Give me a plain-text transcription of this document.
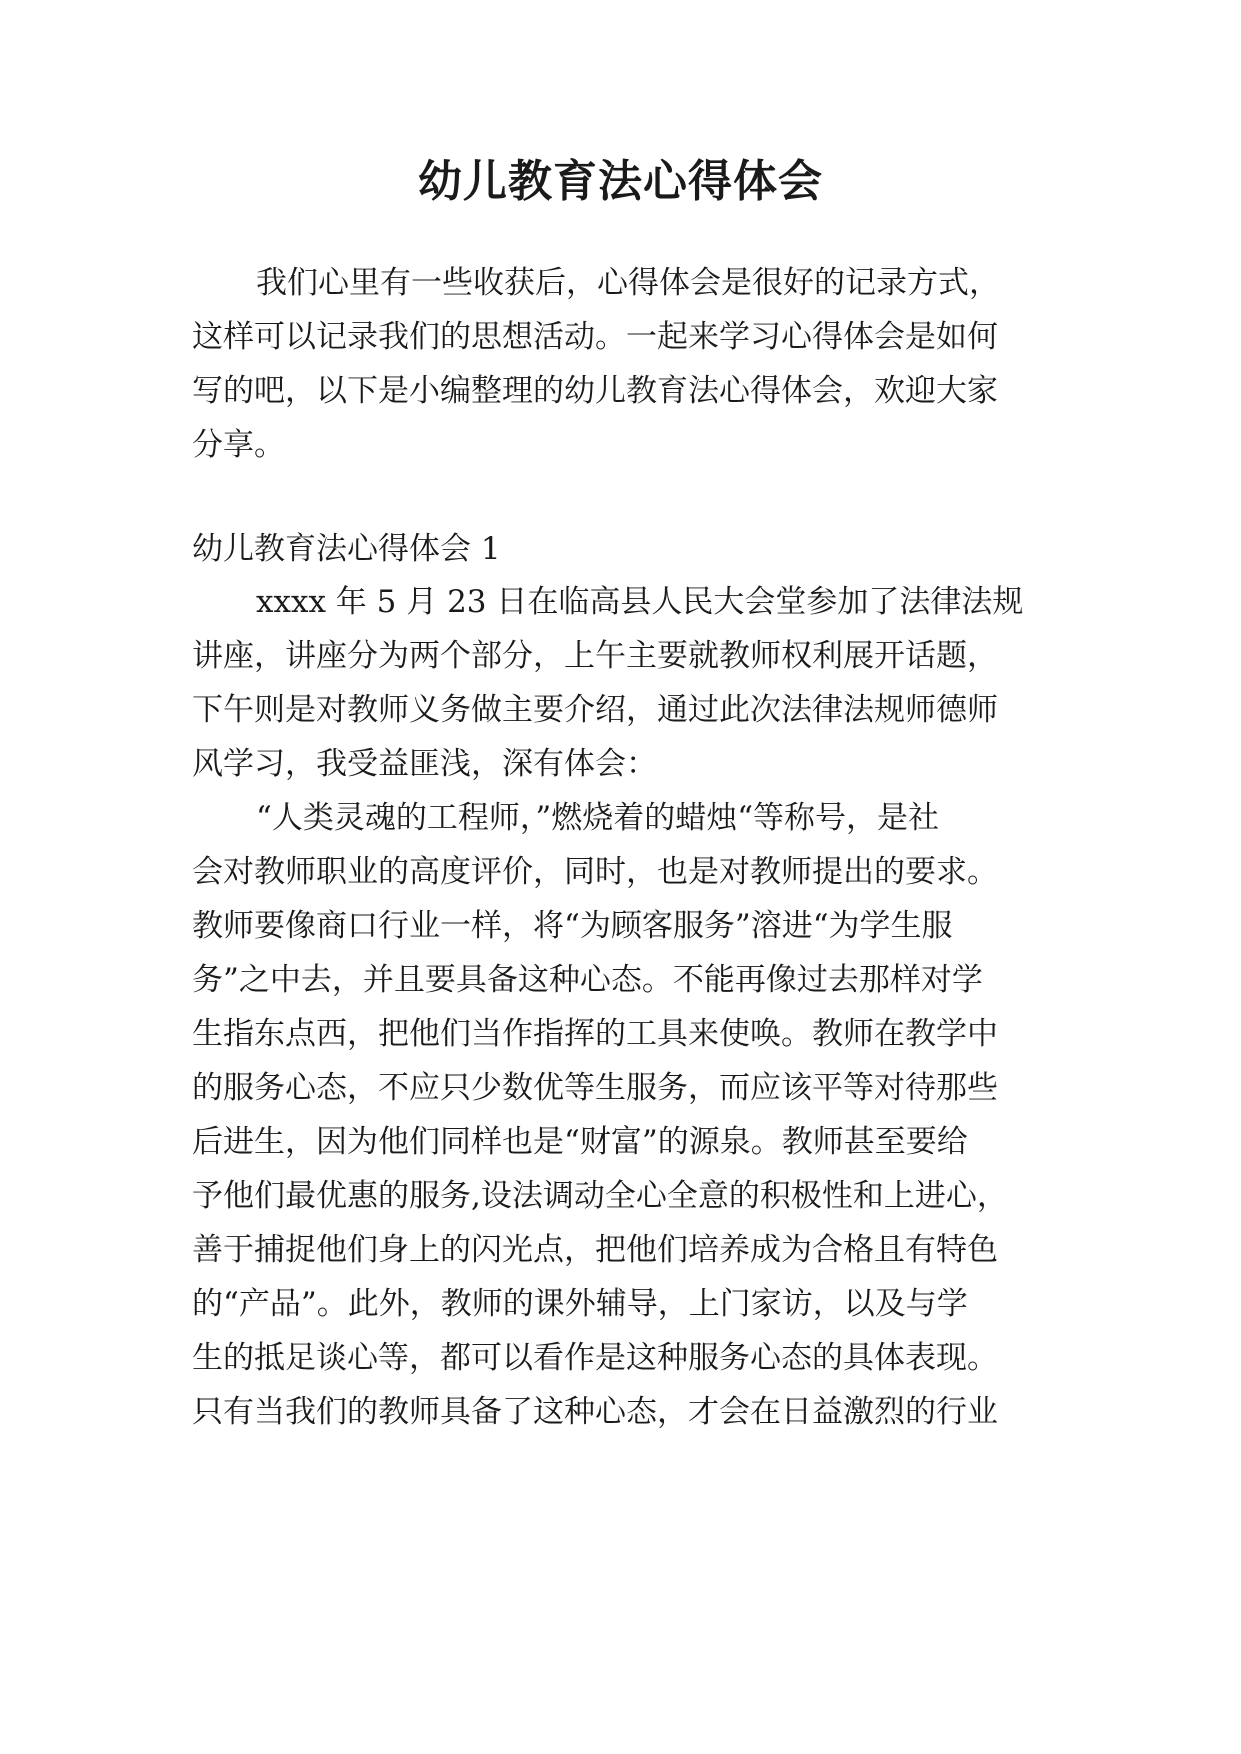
幼儿教育法心得体会

我们心里有一些收获后，心得体会是很好的记录方式，

这样可以记录我们的思想活动。一起来学习心得体会是如何

写的吧，以下是小编整理的幼儿教育法心得体会，欢迎大家

分享。

幼儿教育法心得体会 1

xxxx 年 5 月 23 日在临高县人民大会堂参加了法律法规

讲座，讲座分为两个部分，上午主要就教师权利展开话题，

下午则是对教师义务做主要介绍，通过此次法律法规师德师

风学习，我受益匪浅，深有体会：

“人类灵魂的工程师，”燃烧着的蜡烛“等称号，是社

会对教师职业的高度评价，同时，也是对教师提出的要求。

教师要像商口行业一样，将“为顾客服务”溶进“为学生服

务”之中去，并且要具备这种心态。不能再像过去那样对学

生指东点西，把他们当作指挥的工具来使唤。教师在教学中

的服务心态，不应只少数优等生服务，而应该平等对待那些

后进生，因为他们同样也是“财富”的源泉。教师甚至要给

予他们最优惠的服务,设法调动全心全意的积极性和上进心，

善于捕捉他们身上的闪光点，把他们培养成为合格且有特色

的“产品”。此外，教师的课外辅导，上门家访，以及与学

生的抵足谈心等，都可以看作是这种服务心态的具体表现。

只有当我们的教师具备了这种心态，才会在日益激烈的行业
